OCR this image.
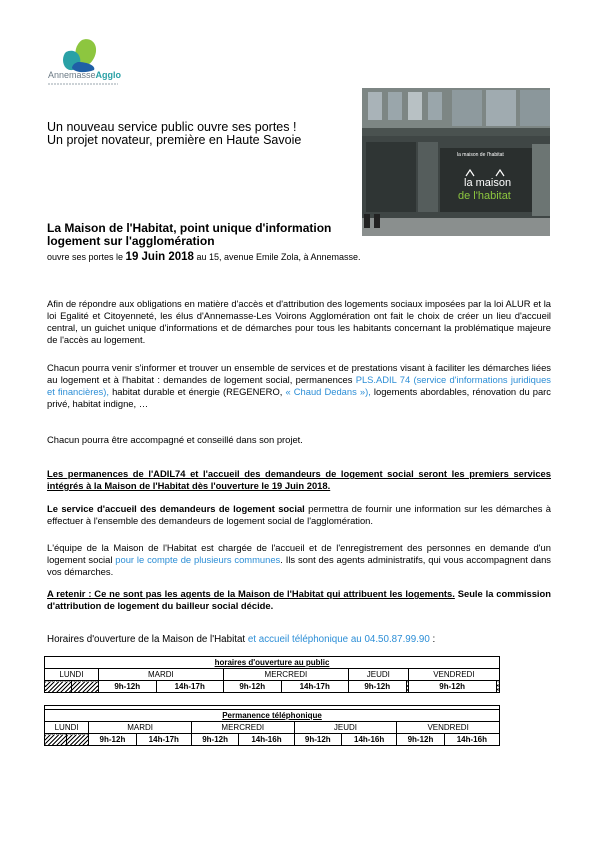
AnnemasseAgglo
Un nouveau service public ouvre ses portes !
Un projet novateur, première en Haute Savoie
la maison de l'habitat
la maison
de l'habitat
La Maison de l'Habitat, point unique d'information
logement sur l'agglomération
ouvre ses portes le 19 Juin 2018 au 15, avenue Emile Zola, à Annemasse.
Afin de répondre aux obligations en matière d'accès et d'attribution des logements sociaux imposées par la loi ALUR et la loi Egalité et Citoyenneté, les élus d'Annemasse-Les Voirons Agglomération ont fait le choix de créer un lieu d'accueil central, un guichet unique d'informations et de démarches pour tous les habitants concernant la problématique majeure de l'accès au logement.
Chacun pourra venir s'informer et trouver un ensemble de services et de prestations visant à faciliter les démarches liées au logement et à l'habitat : demandes de logement social, permanences PLS.ADIL 74 (service d'informations juridiques et financières), habitat durable et énergie (REGENERO, « Chaud Dedans »), logements abordables, rénovation du parc privé, habitat indigne, …
Chacun pourra être accompagné et conseillé dans son projet.
Les permanences de l'ADIL74 et l'accueil des demandeurs de logement social seront les premiers services intégrés à la Maison de l'Habitat dès l'ouverture le 19 Juin 2018.
Le service d'accueil des demandeurs de logement social permettra de fournir une information sur les démarches à effectuer à l'ensemble des demandeurs de logement social de l'agglomération.
L'équipe de la Maison de l'Habitat est chargée de l'accueil et de l'enregistrement des personnes en demande d'un logement social pour le compte de plusieurs communes. Ils sont des agents administratifs, qui vous accompagnent dans vos démarches.
A retenir : Ce ne sont pas les agents de la Maison de l'Habitat qui attribuent les logements. Seule la commission d'attribution de logement du bailleur social décide.
Horaires d'ouverture de la Maison de l'Habitat et accueil téléphonique au 04.50.87.99.90 :
horaires d'ouverture au public									
LUNDI		MARDI		MERCREDI		JEUDI		VENDREDI	
		9h-12h	14h-17h	9h-12h	14h-17h	9h-12h		9h-12h	

Permanence téléphonique									
LUNDI		MARDI		MERCREDI		JEUDI		VENDREDI	
		9h-12h	14h-17h	9h-12h	14h-16h	9h-12h	14h-16h	9h-12h	14h-16h
